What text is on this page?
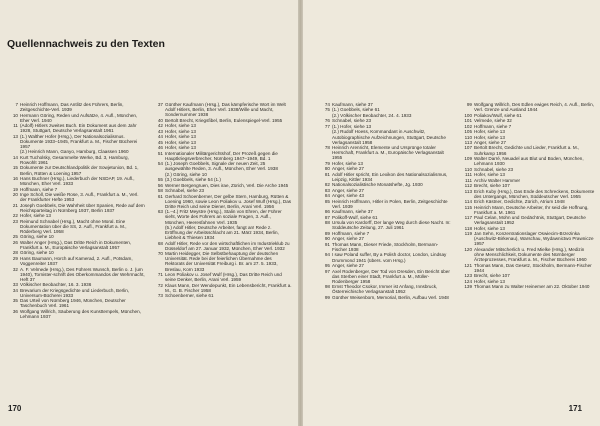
Quellennachweis zu den Texten
7 Heinrich Hoffmann, Das Antlitz des Führers, Berlin, Zeitgeschichte-Verl. 1939
10 Hermann Göring, Reden und Aufsätze, 4. Aufl., München, Eher Verl. 1940
11 (Adolf) Hitlers zweites Buch. Ein Dokument aus dem Jahr 1928, Stuttgart, Deutsche Verlagsanstalt 1961
13 (1.) Walther Hofer (Hrsg.), Der Nationalsozialismus. Dokumente 1933–1945, Frankfurt a. M., Fischer Bücherei 1957
(2.) Heinrich Mann, Ganyo, Hamburg, Claassen 1960
14 Kurt Tucholsky, Gesammelte Werke, Bd. 3, Hamburg, Rowohlt 1961
15 Dokumente zur Deutschlandpolitik der Sowjetunion, Bd. 1, Berlin, Rütten & Loening 1957
16 Hans Buchner (Hrsg.), Liederbuch der NSDAP, 19. Aufl., München, Eher Verl. 1933
19 Hoffmann, siehe 7
20 Inge Scholl, Die weiße Rose, 3. Aufl., Frankfurt a. M., Verl. der Frankfurter Hefte 1953
21 Joseph Goebbels, Die Wahrheit über Spanien, Rede auf dem Reichsparteitag in Nürnberg 1937, Berlin 1937
22 Hofer, siehe 13
23 Reimund Schnabel (Hrsg.), Macht ohne Moral. Eine Dokumentation über die SS, 2. Aufl., Frankfurt a. M., Röderberg Verl. 1958
25 Göring, siehe 10
26 Walter Anger (Hrsg.), Das Dritte Reich in Dokumenten, Frankfurt a. M., Europäische Verlagsanstalt 1957
28 Göring, siehe 10
29 Hans Baumann, Horch auf Kamerad, 2. Aufl., Potsdam, Voggenreiter 1937
32 A. F. Velmede (Hrsg.), Des Führers Wunsch, Berlin o. J. (um 1940), Tornister-schrift des Oberkommandos der Wehrmacht, Heft 37
33 Völkischer Beobachter, 16. 3. 1936
34 Brevarium der Kriegsgedichte und Liederbuch, Berlin, Universum-Bücherei 1933
35 Das Urteil von Nürnberg 1946, München, Deutscher Taschenbuch Verl. 1961
36 Wolfgang Willrich, Säuberung des Kunsttempels, München, Lehmann 1937
37 Günther Kaufmann (Hrsg.), Das kämpferische Wort im Welt Adolf Hitlers, Berlin, Eher Verl. 1938/Wille und Macht, Sondernummer 1938
40 Bertolt Brecht, Kriegsfibel, Berlin, Eulenspiegel-Verl. 1955
42 Hofer, siehe 13
43 Hofer, siehe 13
44 Hofer, siehe 13
45 Hofer, siehe 13
46 Hofer, siehe 13
51 Internationaler Militärgerichtshof, Der Prozeß gegen die Hauptkriegsverbrecher, Nürnberg 1947–1949, Bd. 1
54 (1.) Joseph Goebbels, Signale der neuen Zeit, 25 ausgewählte Reden, 3. Aufl., München, Eher Verl. 1938
(2.) Göring, siehe 10
55 (3.) Goebbels, siehe 54 (1.)
56 Werner Bergengruen, Dies irae, Zürich, Verl. Die Arche 1945
58 Schnabel, siehe 23
61 Gerhard Schoenberner, Der gelbe Stern, Hamburg, Rütten & Loening 1960, sowie Leon Poliakov u. Josef Wulf (Hrsg.), Das Dritte Reich und seine Diener, Berlin, Arani Verl. 1956
63 (1.–4.) Fritz Meystre (Hrsg.), Stalin von Ehren, der Führer sieht, Worte des Führers an soziale Fragen, 3. Aufl., München, Heeresfahnen Verl. 1935
(5.) Adolf Hitler, Deutsche Arbeiter, fangt an! Rede z. Eröffnung der Arbeitsschlacht am 21. März 1934, Berlin, Liebheit & Thiesen 1934
68 Adolf Hitler, Rede vor den wirtschaftlichen im Industrieklub zu Düsseldorf am 27. Januar 1932, München, Eher Verl. 1932
70 Martin Heidegger, Die Selbstbehauptung der deutschen Universität. Rede bei der feierlichen Übernahme des Rektorats der Universität Freiburg i. Br. am 27. 5. 1933, Breslau, Korn 1933
71 Leon Poliakov u. Josef Wulf (Hrsg.), Das Dritte Reich und seine Denker, Berlin, Arani Verl. 1959
72 Klaus Mann, Der Wendepunkt, Ein Lebensbericht, Frankfurt a. M., G. B. Fischer 1958
73 Schoenberner, siehe 61
170
74 Kaufmann, siehe 37
75 (1.) Goebbels, siehe 61
(2.) Völkischer Beobachter, 24. 4. 1933
76 Schnabel, siehe 23
77 (1.) Hofer, siehe 13
(2.) Rudolf Hoess, Kommandant in Auschwitz, Autobiographische Aufzeichnungen, Stuttgart, Deutsche Verlagsanstalt 1958
78 Heinrich Arenricht, Elemente und Ursprünge totaler Herrschaft, Frankfurt a. M., Europäische Verlagsanstalt 1955
79 Hofer, siehe 13
80 Anger, siehe 27
81 Adolf Hitler spricht, Ein Lexikon des Nationalsozialismus, Leipzig, Kittler 1934
82 Nationalsozialistische Monatshefte, Jg. 1930
83 Anger, siehe 27
84 Anger, siehe 43
85 Heinrich Hoffmann, Hitler in Polen, Berlin, Zeitgeschichte Verl. 1939
86 Kaufmann, siehe 37
87 Polikoff-Wulf, siehe 61
88 Ursula von Kardorff, Der lange Weg durch diese Nacht. In: Süddeutsche Zeitung, 27. Juli 1961
89 Hoffmann, siehe 7
90 Anger, siehe 27
91 Thomas Mann, Dieser Friede, Stockholm, Bermann-Fischer 1938
94 I saw Poland suffer, By a Polish doctor, London, Lindsay Drummond 1941 (übers. vom Hrsg.)
95 Anger, siehe 27
97 Axel Rodenberger, Der Tod von Dresden, Ein Bericht über das Sterben einer Stadt, Frankfurt a. M., Müller-Rodenberger 1958
98 Ernst Theodor Csokor, Immer ist Anfang, Innsbruck, Österreichische Verlagsanstalt 1952
99 Günther Weisenborn, Memorial, Berlin, Aufbau Verl. 1948
99 Wolfgang Willrich, Des Edlen ewiges Reich, 4. Aufl., Berlin, Verl. Grenze und Ausland 1944
100 Poliakov/Wulf, siehe 61
101 Velmede, siehe 32
102 Hoffmann, siehe 7
105 Hofer, siehe 13
110 Hofer, siehe 13
113 Anger, siehe 27
107 Bertolt Brecht, Gedichte und Lieder, Frankfurt a. M., Suhrkamp 1956
109 Walter Darré, Neuadel aus Blut und Boden, München, Lehmann 1930
110 Schnabel, siehe 23
111 Hofer, siehe 13
111 Archiv Walter Hammer
112 Brecht, siehe 107
113 Erich Kuby (Hrsg.), Das Ende des Schreckens, Dokumente des Untergangs, München, Süddeutscher Verl. 1955
114 Erich Kästner, Gedichte, Zürich, Atrium 1948
115 Heinrich Mann, Deutsche Arbeiter, Ihr seid die Hoffnung, Frankfurt a. M. 1961
117 Paul Celan, Mohn und Gedächtnis, Stuttgart, Deutsche Verlagsanstalt 1952
118 Hofer, siehe 13
119 Jan Sehn, Konzentrationslager Oswiecim-Brzezinka (Auschwitz-Birkenau), Warschau, Wydawnictwo Prawnicze 1957
120 Alexander Mitscherlich u. Fred Mielke (Hrsg.), Medizin ohne Menschlichkeit, Dokumente des Nürnberger Ärzteprozesses, Frankfurt a. M., Fischer Bücherei 1960
121 Thomas Mann, Das Gesetz, Stockholm, Bermann-Fischer 1944
123 Brecht, siehe 107
124 Hofer, siehe 13
139 Thomas Mann zu Walter Heinemer am 22. Oktober 1940
171
